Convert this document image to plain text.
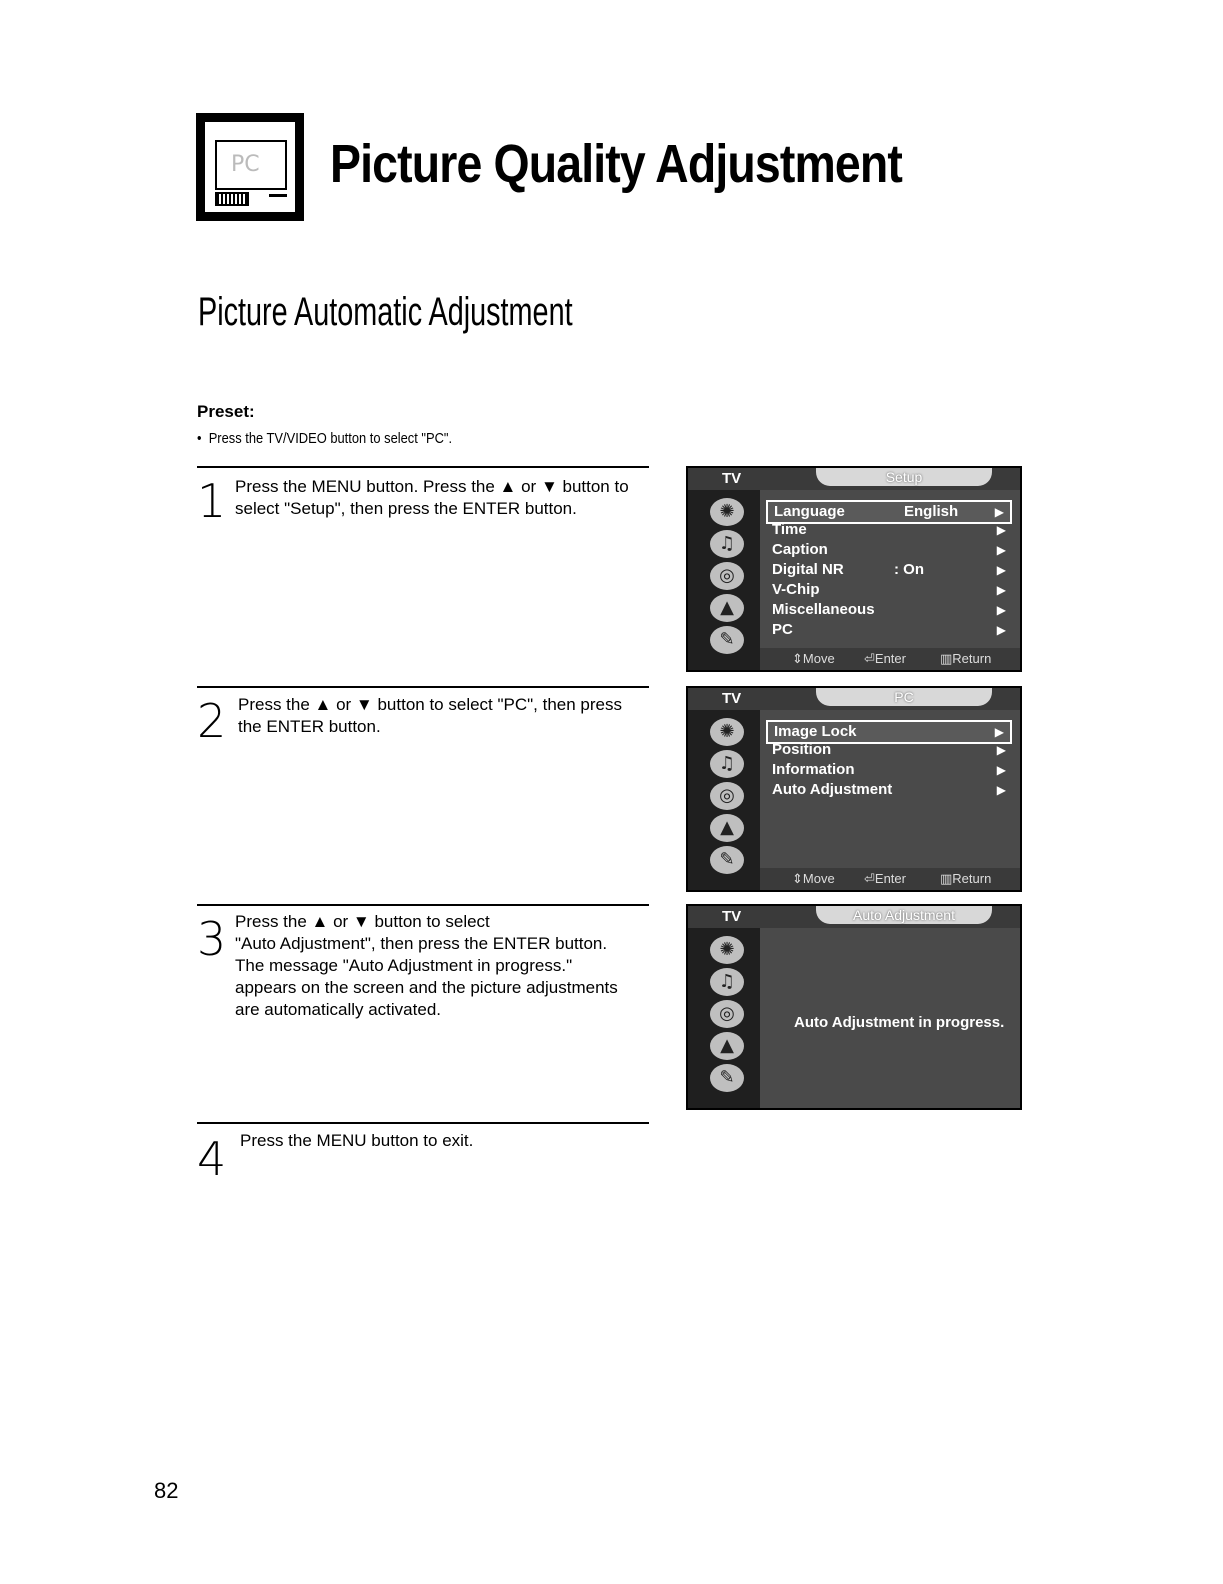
PC Picture Quality Adjustment
Picture Automatic Adjustment
Preset:
•  Press the TV/VIDEO button to select "PC".
1 Press the MENU button. Press the ▲ or ▼ button to

select "Setup", then press the ENTER button.

2 Press the ▲ or ▼ button to select "PC", then press

the ENTER button.

3 Press the ▲ or ▼ button to select

"Auto Adjustment", then press the ENTER button.

The message "Auto Adjustment in progress."

appears on the screen and the picture adjustments

are automatically activated.

4 Press the MENU button to exit.

TV	Setup
✺
♫
◎
▲
✎
Language	English	▶
Time	▶
Caption	▶
Digital NR	: On	▶
V-Chip	▶
Miscellaneous	▶
PC	▶
⇕Move ⏎Enter	▥Return
TV	PC
✺
♫
◎
▲
✎
Image Lock	▶
Position	▶
Information	▶
Auto Adjustment	▶
⇕Move ⏎Enter	▥Return
TV	Auto Adjustment
✺
♫
◎
▲
✎
Auto Adjustment in progress.
82
